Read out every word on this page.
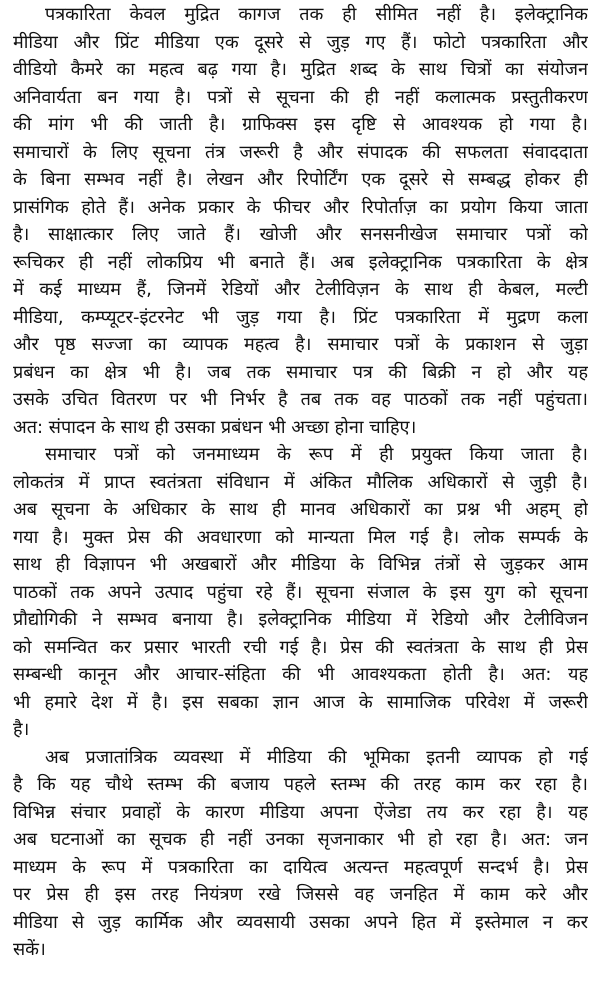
पत्रकारिता केवल मुद्रित कागज तक ही सीमित नहीं है। इलेक्ट्रानिक
मीडिया और प्रिंट मीडिया एक दूसरे से जुड़ गए हैं। फोटो पत्रकारिता और
वीडियो कैमरे का महत्व बढ़ गया है। मुद्रित शब्द के साथ चित्रों का संयोजन
अनिवार्यता बन गया है। पत्रों से सूचना की ही नहीं कलात्मक प्रस्तुतीकरण
की मांग भी की जाती है। ग्राफिक्स इस दृष्टि से आवश्यक हो गया है।
समाचारों के लिए सूचना तंत्र जरूरी है और संपादक की सफलता संवाददाता
के बिना सम्भव नहीं है। लेखन और रिपोर्टिंग एक दूसरे से सम्बद्ध होकर ही
प्रासंगिक होते हैं। अनेक प्रकार के फीचर और रिपोर्ताज़ का प्रयोग किया जाता
है। साक्षात्कार लिए जाते हैं। खोजी और सनसनीखेज समाचार पत्रों को
रूचिकर ही नहीं लोकप्रिय भी बनाते हैं। अब इलेक्ट्रानिक पत्रकारिता के क्षेत्र
में कई माध्यम हैं, जिनमें रेडियों और टेलीविज़न के साथ ही केबल, मल्टी
मीडिया, कम्प्यूटर-इंटरनेट भी जुड़ गया है। प्रिंट पत्रकारिता में मुद्रण कला
और पृष्ठ सज्जा का व्यापक महत्व है। समाचार पत्रों के प्रकाशन से जुड़ा
प्रबंधन का क्षेत्र भी है। जब तक समाचार पत्र की बिक्री न हो और यह
उसके उचित वितरण पर भी निर्भर है तब तक वह पाठकों तक नहीं पहुंचता।
अत: संपादन के साथ ही उसका प्रबंधन भी अच्छा होना चाहिए।
समाचार पत्रों को जनमाध्यम के रूप में ही प्रयुक्त किया जाता है।
लोकतंत्र में प्राप्त स्वतंत्रता संविधान में अंकित मौलिक अधिकारों से जुड़ी है।
अब सूचना के अधिकार के साथ ही मानव अधिकारों का प्रश्न भी अहम् हो
गया है। मुक्त प्रेस की अवधारणा को मान्यता मिल गई है। लोक सम्पर्क के
साथ ही विज्ञापन भी अखबारों और मीडिया के विभिन्न तंत्रों से जुड़कर आम
पाठकों तक अपने उत्पाद पहुंचा रहे हैं। सूचना संजाल के इस युग को सूचना
प्रौद्योगिकी ने सम्भव बनाया है। इलेक्ट्रानिक मीडिया में रेडियो और टेलीविजन
को समन्वित कर प्रसार भारती रची गई है। प्रेस की स्वतंत्रता के साथ ही प्रेस
सम्बन्धी कानून और आचार-संहिता की भी आवश्यकता होती है। अत: यह
भी हमारे देश में है। इस सबका ज्ञान आज के सामाजिक परिवेश में जरूरी
है।
अब प्रजातांत्रिक व्यवस्था में मीडिया की भूमिका इतनी व्यापक हो गई
है कि यह चौथे स्तम्भ की बजाय पहले स्तम्भ की तरह काम कर रहा है।
विभिन्न संचार प्रवाहों के कारण मीडिया अपना ऐंजेडा तय कर रहा है। यह
अब घटनाओं का सूचक ही नहीं उनका सृजनाकार भी हो रहा है। अत: जन
माध्यम के रूप में पत्रकारिता का दायित्व अत्यन्त महत्वपूर्ण सन्दर्भ है। प्रेस
पर प्रेस ही इस तरह नियंत्रण रखे जिससे वह जनहित में काम करे और
मीडिया से जुड़ कार्मिक और व्यवसायी उसका अपने हित में इस्तेमाल न कर
सकें।
